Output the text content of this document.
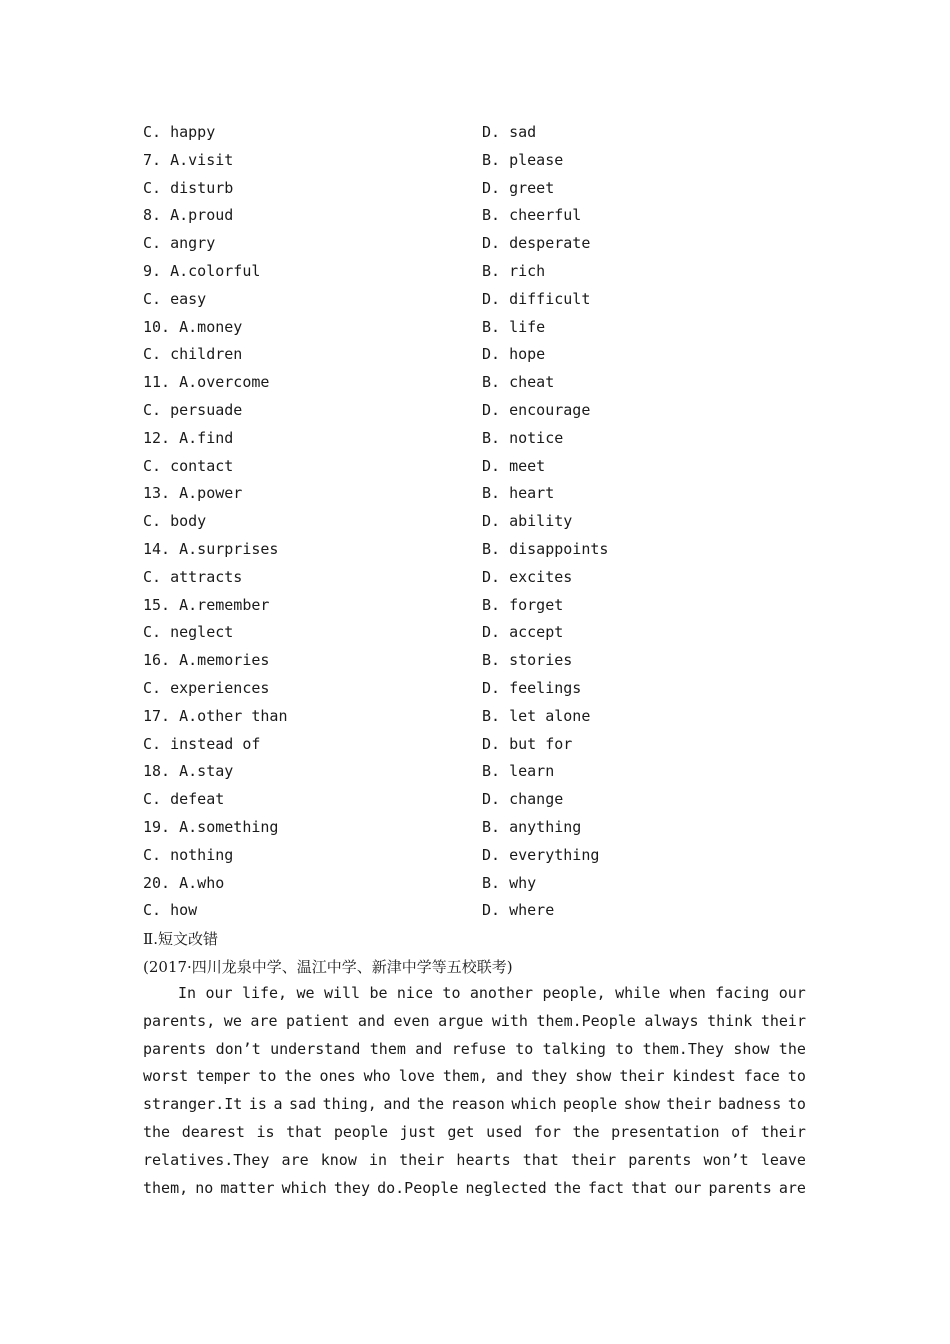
C. happy	D. sad
7. A.visit	B. please
C. disturb	D. greet
8. A.proud	B. cheerful
C. angry	D. desperate
9. A.colorful	B. rich
C. easy	D. difficult
10. A.money	B. life
C. children	D. hope
11. A.overcome	B. cheat
C. persuade	D. encourage
12. A.find	B. notice
C. contact	D. meet
13. A.power	B. heart
C. body	D. ability
14. A.surprises	B. disappoints
C. attracts	D. excites
15. A.remember	B. forget
C. neglect	D. accept
16. A.memories	B. stories
C. experiences	D. feelings
17. A.other than	B. let alone
C. instead of	D. but for
18. A.stay	B. learn
C. defeat	D. change
19. A.something	B. anything
C. nothing	D. everything
20. A.who	B. why
C. how	D. where
Ⅱ.短文改错
(2017·四川龙泉中学、温江中学、新津中学等五校联考)
In our life, we will be nice to another people, while when facing our
parents, we are patient and even argue with them.People always think their
parents don’t understand them and refuse to talking to them.They show the
worst temper to the ones who love them, and they show their kindest face to
stranger.It is a sad thing, and the reason which people show their badness to
the dearest is that people just get used for the presentation of their
relatives.They are know in their hearts that their parents won’t leave
them, no matter which they do.People neglected the fact that our parents are
